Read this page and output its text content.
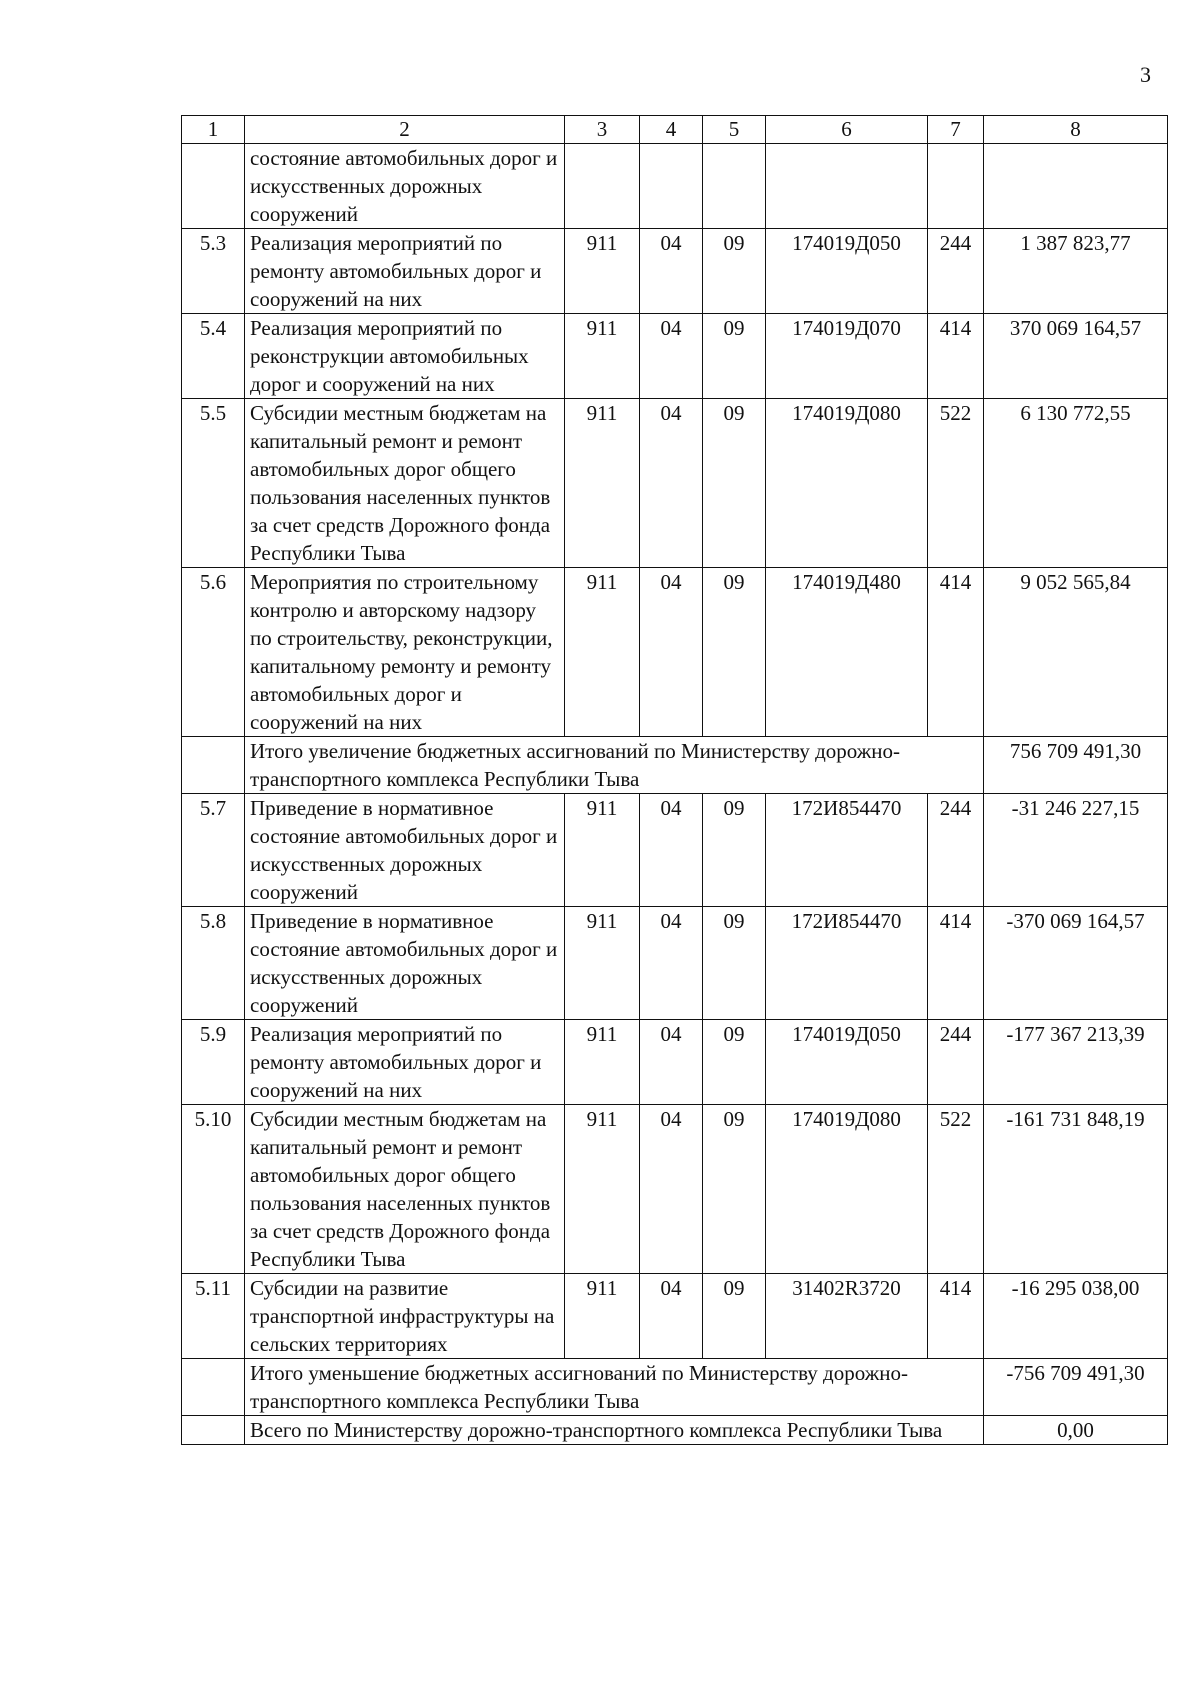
3
1	2	3	4	5	6	7	8
	состояние автомобильных дорог и искусственных дорожных сооружений						
5.3	Реализация мероприятий по ремонту автомобильных дорог и сооружений на них	911	04	09	174019Д050	244	1 387 823,77
5.4	Реализация мероприятий по реконструкции автомобильных дорог и сооружений на них	911	04	09	174019Д070	414	370 069 164,57
5.5	Субсидии местным бюджетам на капитальный ремонт и ремонт автомобильных дорог общего пользования населенных пунктов за счет средств Дорожного фонда Республики Тыва	911	04	09	174019Д080	522	6 130 772,55
5.6	Мероприятия по строительному контролю и авторскому надзору по строительству, реконструкции, капитальному ремонту и ремонту автомобильных дорог и сооружений на них	911	04	09	174019Д480	414	9 052 565,84
	Итого увеличение бюджетных ассигнований по Министерству дорожно-транспортного комплекса Республики Тыва						756 709 491,30
5.7	Приведение в нормативное состояние автомобильных дорог и искусственных дорожных сооружений	911	04	09	172И854470	244	-31 246 227,15
5.8	Приведение в нормативное состояние автомобильных дорог и искусственных дорожных сооружений	911	04	09	172И854470	414	-370 069 164,57
5.9	Реализация мероприятий по ремонту автомобильных дорог и сооружений на них	911	04	09	174019Д050	244	-177 367 213,39
5.10	Субсидии местным бюджетам на капитальный ремонт и ремонт автомобильных дорог общего пользования населенных пунктов за счет средств Дорожного фонда Республики Тыва	911	04	09	174019Д080	522	-161 731 848,19
5.11	Субсидии на развитие транспортной инфраструктуры на сельских территориях	911	04	09	31402R3720	414	-16 295 038,00
	Итого уменьшение бюджетных ассигнований по Министерству дорожно-транспортного комплекса Республики Тыва						-756 709 491,30
	Всего по Министерству дорожно-транспортного комплекса Республики Тыва						0,00
